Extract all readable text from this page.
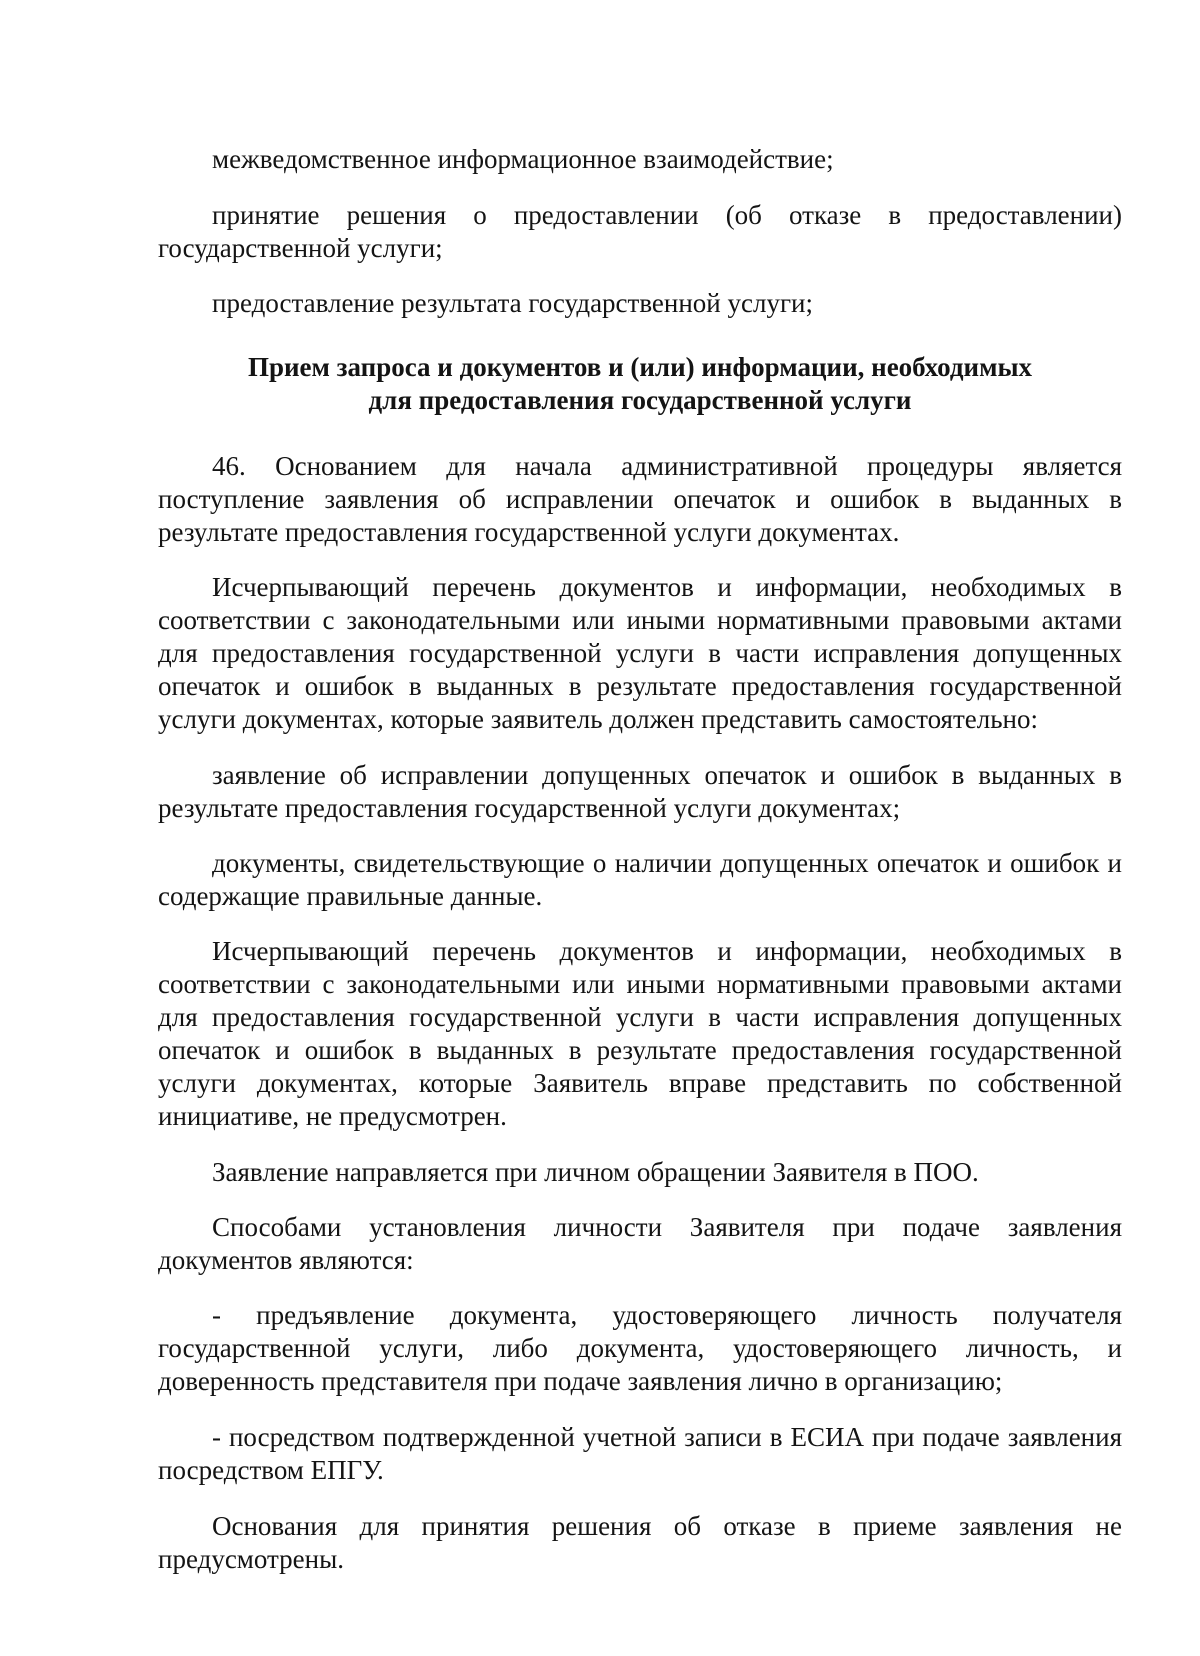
межведомственное информационное взаимодействие;

принятие решения о предоставлении (об отказе в предоставлении) государственной услуги;

предоставление результата государственной услуги;

Прием запроса и документов и (или) информации, необходимых
для предоставления государственной услуги

46. Основанием для начала административной процедуры является поступление заявления об исправлении опечаток и ошибок в выданных в результате предоставления государственной услуги документах.

Исчерпывающий перечень документов и информации, необходимых в соответствии с законодательными или иными нормативными правовыми актами для предоставления государственной услуги в части исправления допущенных опечаток и ошибок в выданных в результате предоставления государственной услуги документах, которые заявитель должен представить самостоятельно:

заявление об исправлении допущенных опечаток и ошибок в выданных в результате предоставления государственной услуги документах;

документы, свидетельствующие о наличии допущенных опечаток и ошибок и содержащие правильные данные.

Исчерпывающий перечень документов и информации, необходимых в соответствии с законодательными или иными нормативными правовыми актами для предоставления государственной услуги в части исправления допущенных опечаток и ошибок в выданных в результате предоставления государственной услуги документах, которые Заявитель вправе представить по собственной инициативе, не предусмотрен.

Заявление направляется при личном обращении Заявителя в ПОО.

Способами установления личности Заявителя при подаче заявления документов являются:

- предъявление документа, удостоверяющего личность получателя государственной услуги, либо документа, удостоверяющего личность, и доверенность представителя при подаче заявления лично в организацию;

- посредством подтвержденной учетной записи в ЕСИА при подаче заявления посредством ЕПГУ.

Основания для принятия решения об отказе в приеме заявления не предусмотрены.
